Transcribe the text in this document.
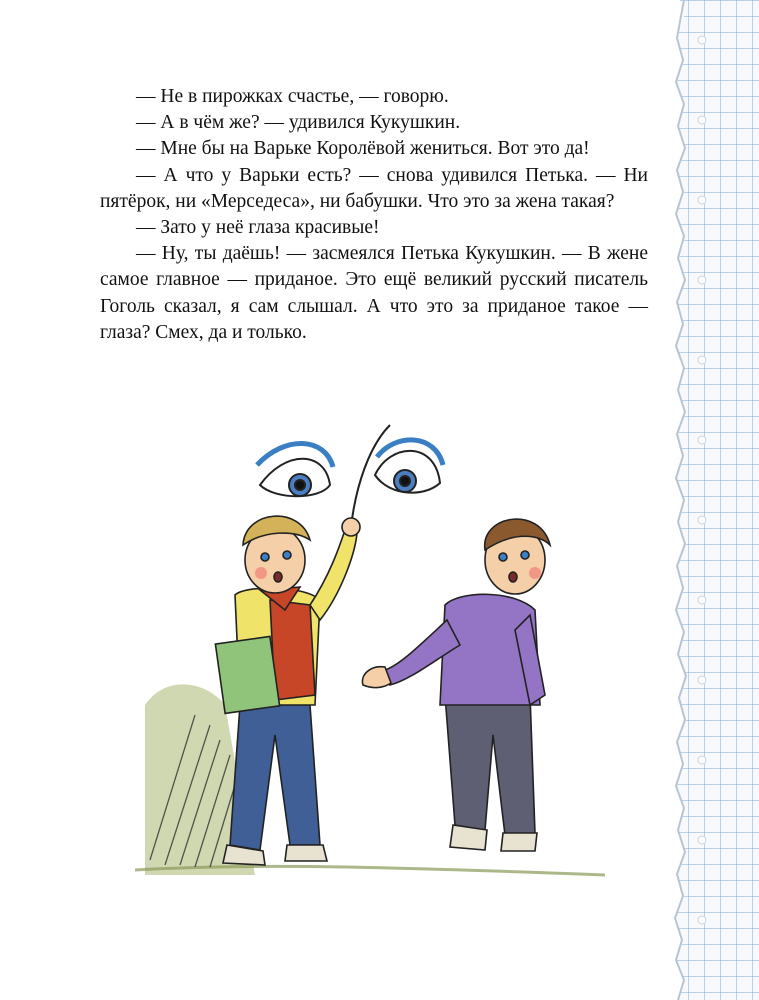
— Не в пирожках счастье, — говорю.

— А в чём же? — удивился Кукушкин.

— Мне бы на Варьке Королёвой жениться. Вот это да!

— А что у Варьки есть? — снова удивился Петька. — Ни пятёрок, ни «Мерседеса», ни бабушки. Что это за жена такая?

— Зато у неё глаза красивые!

— Ну, ты даёшь! — засмеялся Петька Кукушкин. — В жене самое главное — приданое. Это ещё великий русский писатель Гоголь сказал, я сам слышал. А что это за приданое такое — глаза? Смех, да и только.
